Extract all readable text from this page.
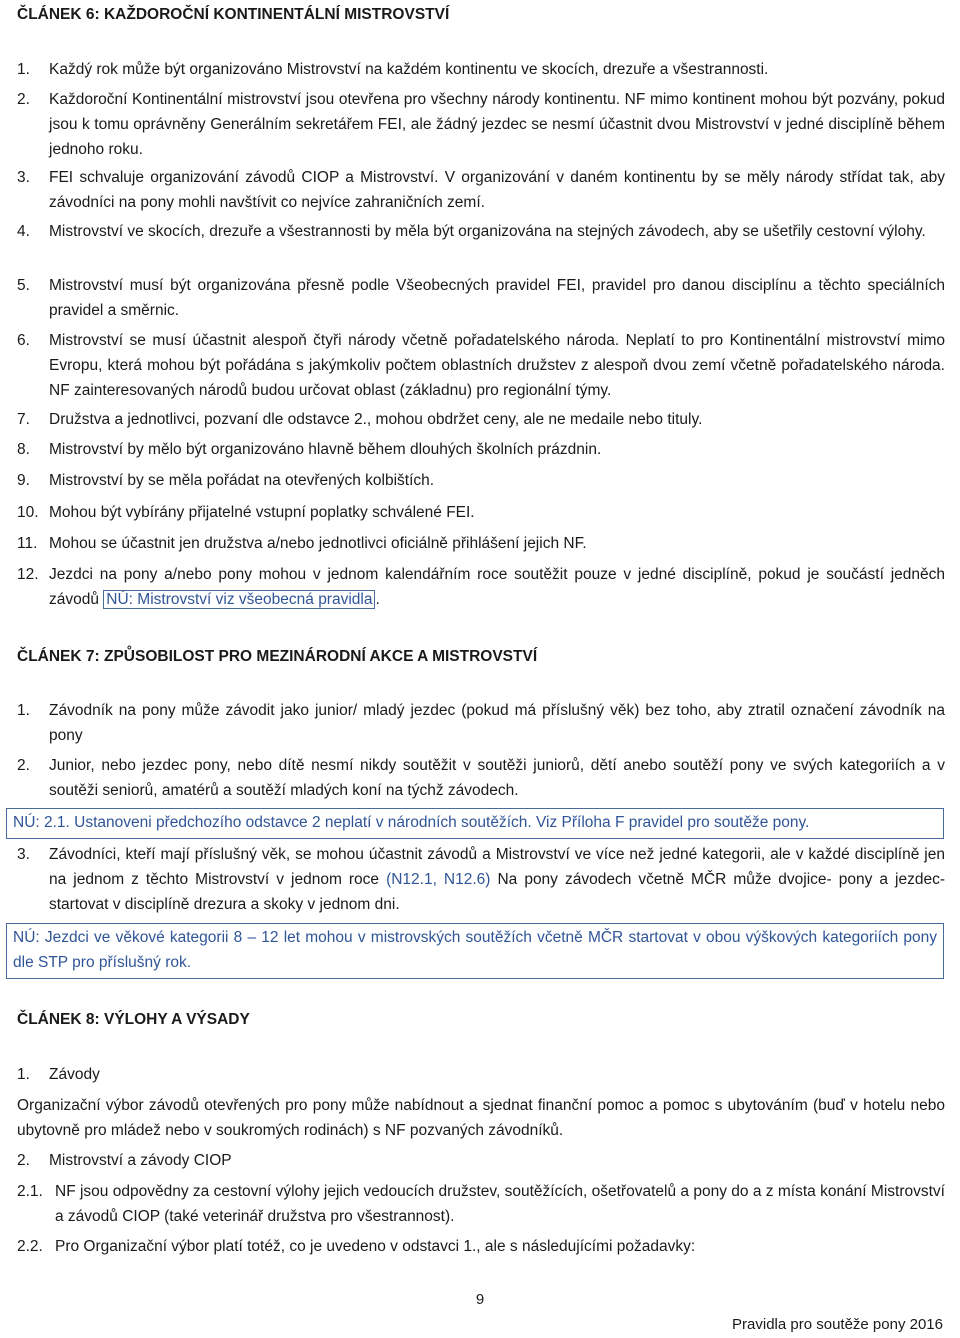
ČLÁNEK 6: KAŽDOROČNÍ KONTINENTÁLNÍ MISTROVSTVÍ
1.	Každý rok může být organizováno Mistrovství na každém kontinentu ve skocích, drezuře a všestrannosti.
2.	Každoroční Kontinentální mistrovství jsou otevřena pro všechny národy kontinentu. NF mimo kontinent mohou být pozvány, pokud jsou k tomu oprávněny Generálním sekretářem FEI, ale žádný jezdec se nesmí účastnit dvou Mistrovství v jedné disciplíně během jednoho roku.
3.	FEI schvaluje organizování závodů CIOP a Mistrovství. V organizování v daném kontinentu by se měly národy střídat tak, aby závodníci na pony mohli navštívit co nejvíce zahraničních zemí.
4.	Mistrovství ve skocích, drezuře a všestrannosti by měla být organizována na stejných závodech, aby se ušetřily cestovní výlohy.
5.	Mistrovství musí být organizována přesně podle Všeobecných pravidel FEI, pravidel pro danou disciplínu a těchto speciálních pravidel a směrnic.
6.	Mistrovství se musí účastnit alespoň čtyři národy včetně pořadatelského národa. Neplatí to pro Kontinentální mistrovství mimo Evropu, která mohou být pořádána s jakýmkoliv počtem oblastních družstev z alespoň dvou zemí včetně pořadatelského národa. NF zainteresovaných národů budou určovat oblast (základnu) pro regionální týmy.
7.	Družstva a jednotlivci, pozvaní dle odstavce 2., mohou obdržet ceny, ale ne medaile nebo tituly.
8.	Mistrovství by mělo být organizováno hlavně během dlouhých školních prázdnin.
9.	Mistrovství by se měla pořádat na otevřených kolbištích.
10. Mohou být vybírány přijatelné vstupní poplatky schválené FEI.
11. Mohou se účastnit jen družstva a/nebo jednotlivci oficiálně přihlášení jejich NF.
12. Jezdci na pony a/nebo pony mohou v jednom kalendářním roce soutěžit pouze v jedné disciplíně, pokud je součástí jedněch závodů NÚ: Mistrovství viz všeobecná pravidla .
ČLÁNEK 7: ZPŮSOBILOST PRO MEZINÁRODNÍ AKCE A MISTROVSTVÍ
1.	Závodník na pony může závodit jako junior/ mladý jezdec (pokud má příslušný věk) bez toho, aby ztratil označení závodník na pony
2.	Junior, nebo jezdec pony, nebo dítě nesmí nikdy soutěžit v soutěži juniorů, dětí anebo soutěží pony ve svých kategoriích a v soutěži seniorů, amatérů a soutěží mladých koní na týchž závodech.
NÚ: 2.1. Ustanoveni předchozího odstavce 2 neplatí v národních soutěžích. Viz Příloha F pravidel pro soutěže pony.
3.	Závodníci, kteří mají příslušný věk, se mohou účastnit závodů a Mistrovství ve více než jedné kategorii, ale v každé disciplíně jen na jednom z těchto Mistrovství v jednom roce (N12.1, N12.6) Na pony závodech včetně MČR může dvojice- pony a jezdec- startovat v disciplíně drezura a skoky v jednom dni.
NÚ: Jezdci ve věkové kategorii 8 – 12 let mohou v mistrovských soutěžích včetně MČR startovat v obou výškových kategoriích pony dle STP pro příslušný rok.
ČLÁNEK 8: VÝLOHY A VÝSADY
1.	Závody
Organizační výbor závodů otevřených pro pony může nabídnout a sjednat finanční pomoc a pomoc s ubytováním (buď v hotelu nebo ubytovně pro mládež nebo v soukromých rodinách) s NF pozvaných závodníků.
2.	Mistrovství a závody CIOP
2.1. NF jsou odpovědny za cestovní výlohy jejich vedoucích družstev, soutěžících, ošetřovatelů a pony do a z místa konání Mistrovství a závodů CIOP (také veterinář družstva pro všestrannost).
2.2. Pro Organizační výbor platí totéž, co je uvedeno v odstavci 1., ale s následujícími požadavky:
9
Pravidla pro soutěže pony 2016
